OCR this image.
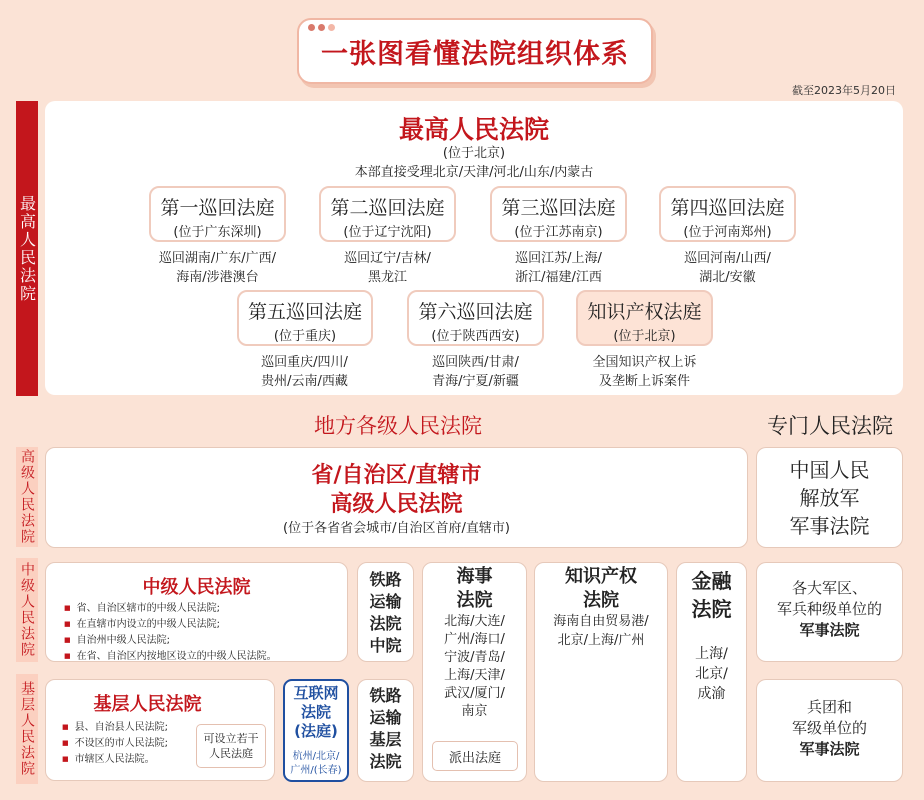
一张图看懂法院组织体系
截至2023年5月20日
最高人民法院
高级人民法院
中级人民法院
基层人民法院
最高人民法院
(位于北京)
本部直接受理北京/天津/河北/山东/内蒙古
第一巡回法庭
(位于广东深圳)
巡回湖南/广东/广西/
海南/涉港澳台
第二巡回法庭
(位于辽宁沈阳)
巡回辽宁/吉林/
黑龙江
第三巡回法庭
(位于江苏南京)
巡回江苏/上海/
浙江/福建/江西
第四巡回法庭
(位于河南郑州)
巡回河南/山西/
湖北/安徽
第五巡回法庭
(位于重庆)
巡回重庆/四川/
贵州/云南/西藏
第六巡回法庭
(位于陕西西安)
巡回陕西/甘肃/
青海/宁夏/新疆
知识产权法庭
(位于北京)
全国知识产权上诉
及垄断上诉案件
地方各级人民法院	专门人民法院
省/自治区/直辖市
高级人民法院
(位于各省省会城市/自治区首府/直辖市)
中国人民
解放军
军事法院
中级人民法院
■ 省、自治区辖市的中级人民法院;
■ 在直辖市内设立的中级人民法院;
■ 自治州中级人民法院;
■ 在省、自治区内按地区设立的中级人民法院。
铁路
运输
法院
中院
海事
法院
北海/大连/
广州/海口/
宁波/青岛/
上海/天津/
武汉/厦门/
南京
派出法庭
知识产权
法院
海南自由贸易港/
北京/上海/广州
金融
法院
上海/
北京/
成渝
各大军区、
军兵种级单位的
军事法院
兵团和
军级单位的
军事法院
基层人民法院
■ 县、自治县人民法院;
■ 不设区的市人民法院;
■ 市辖区人民法院。
可设立若干
人民法庭
互联网
法院
(法庭)
杭州/北京/
广州/(长春)
铁路
运输
基层
法院
